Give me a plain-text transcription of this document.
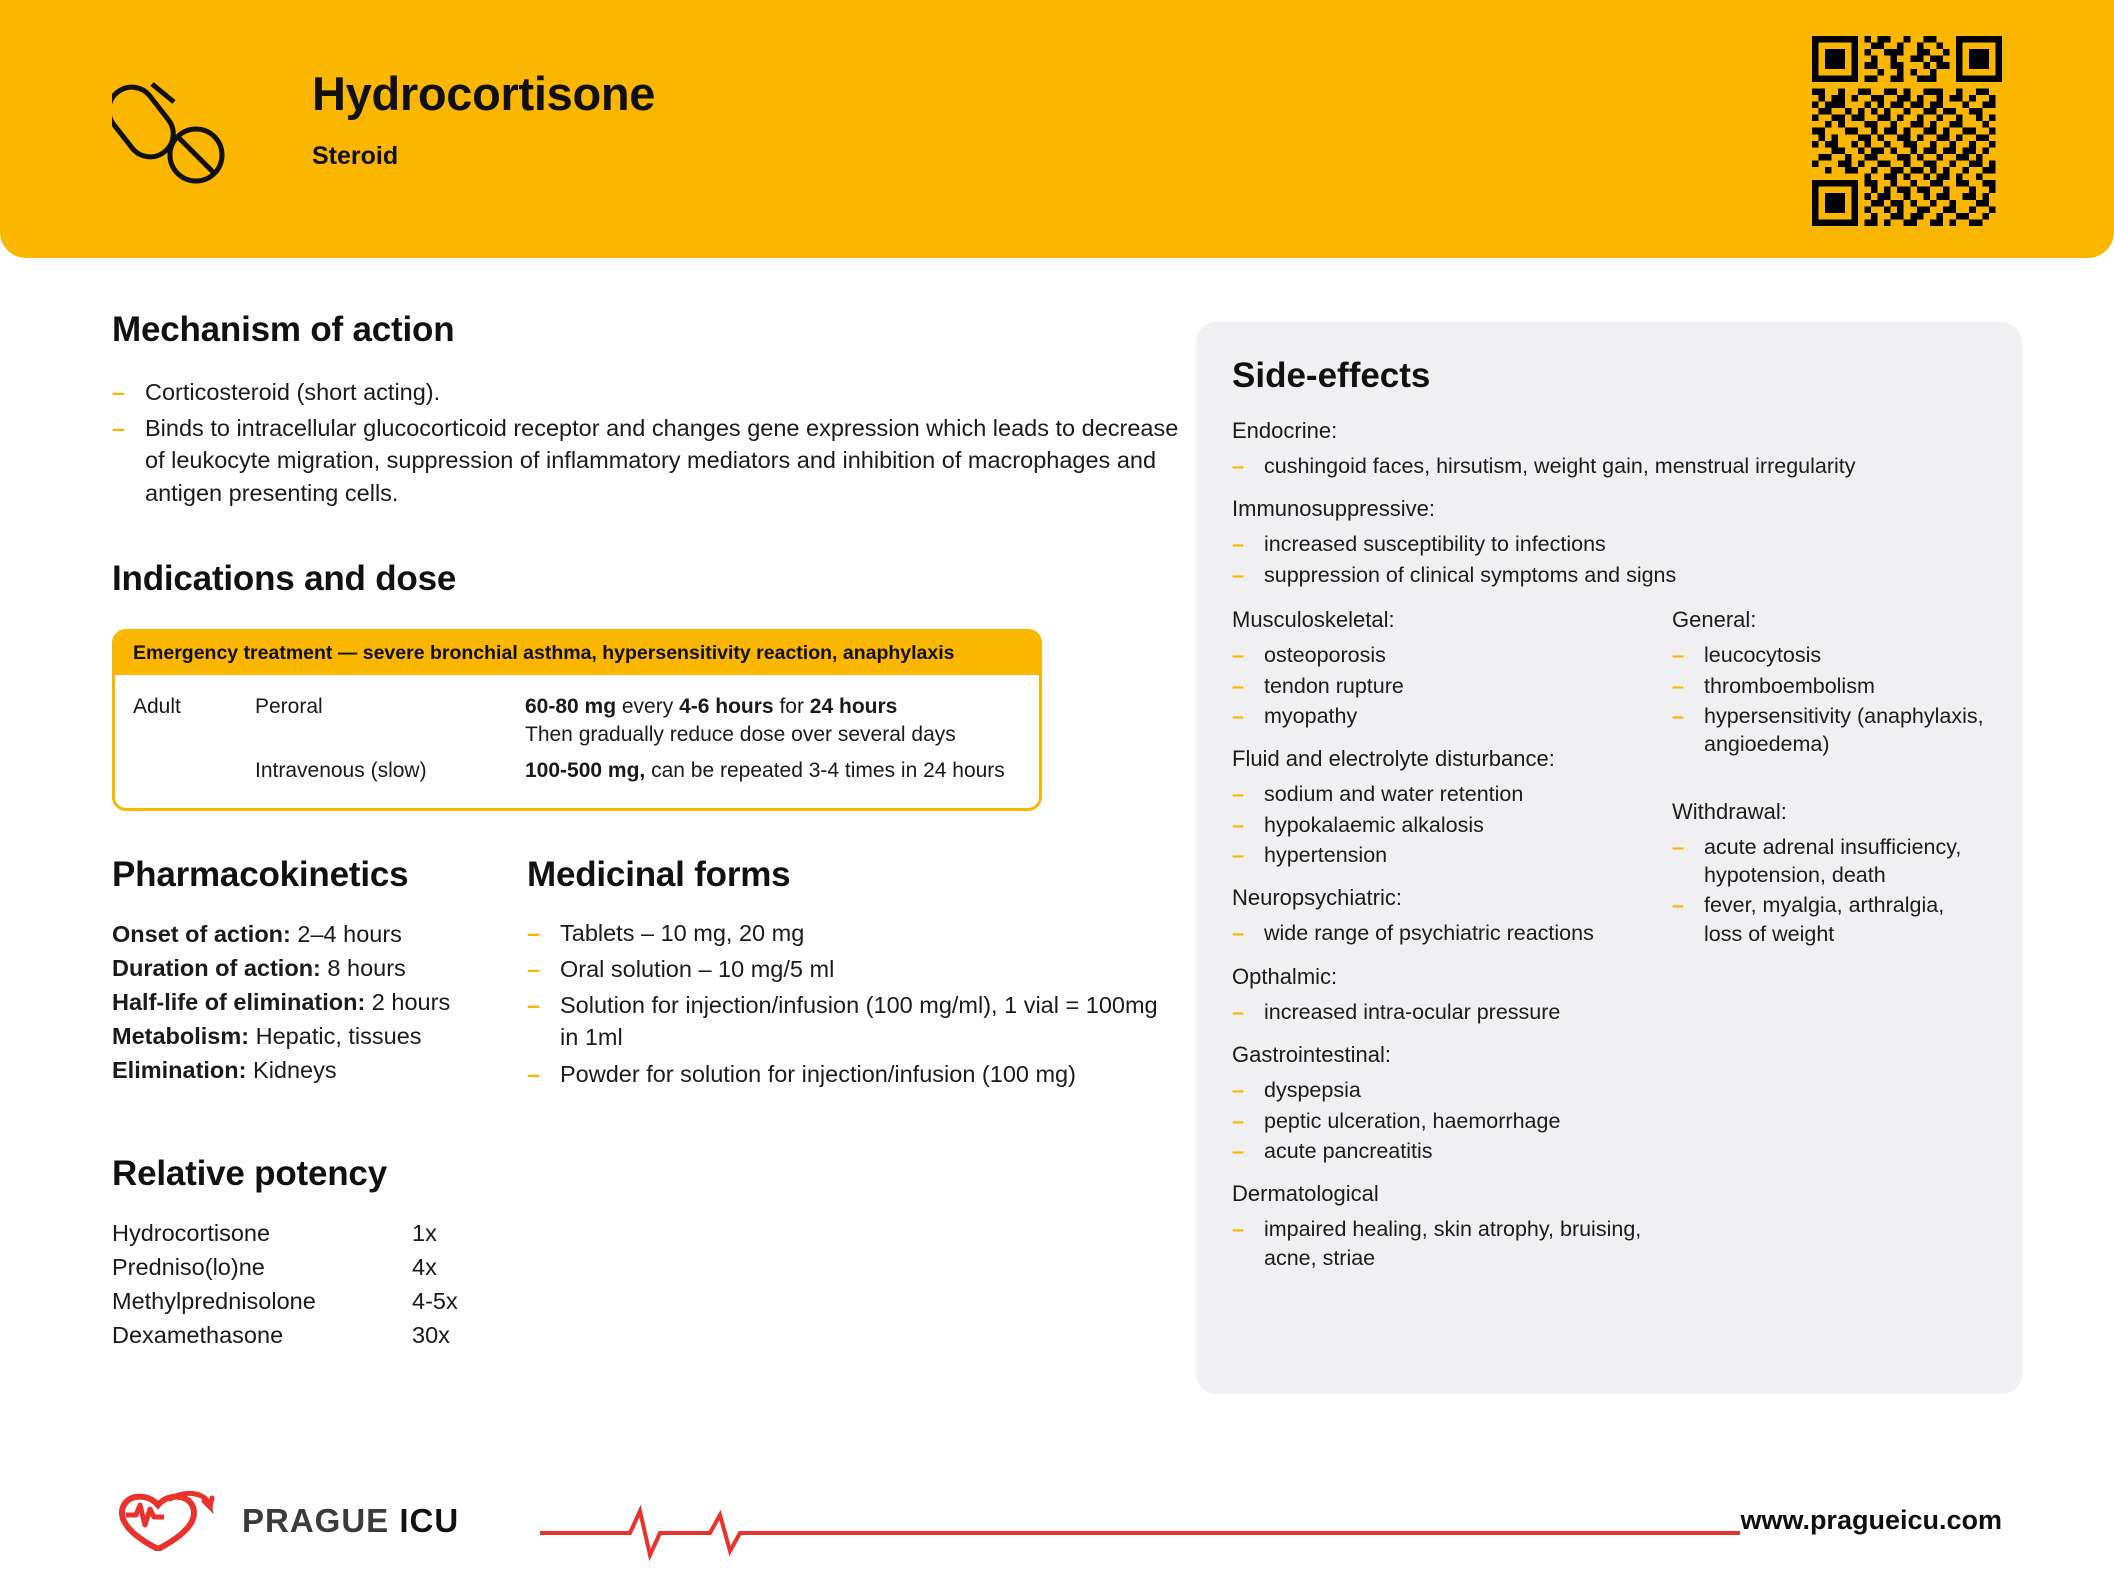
Hydrocortisone
Steroid
Mechanism of action
– Corticosteroid (short acting).
– Binds to intracellular glucocorticoid receptor and changes gene expression which leads to decrease of leukocyte migration, suppression of inflammatory mediators and inhibition of macrophages and antigen presenting cells.
Indications and dose
Emergency treatment — severe bronchial asthma, hypersensitivity reaction, anaphylaxis
Adult	Peroral	60-80 mg every 4-6 hours for 24 hours
Then gradually reduce dose over several days
Intravenous (slow)	100-500 mg, can be repeated 3-4 times in 24 hours
Pharmacokinetics
Onset of action: 2–4 hours
Duration of action: 8 hours
Half-life of elimination: 2 hours
Metabolism: Hepatic, tissues
Elimination: Kidneys
Medicinal forms
– Tablets – 10 mg, 20 mg
– Oral solution – 10 mg/5 ml
– Solution for injection/infusion (100 mg/ml), 1 vial = 100mg in 1ml
– Powder for solution for injection/infusion (100 mg)
Relative potency
Hydrocortisone	1x
Predniso(lo)ne	4x
Methylprednisolone	4-5x
Dexamethasone	30x
Side-effects
Endocrine:
– cushingoid faces, hirsutism, weight gain, menstrual irregularity
Immunosuppressive:
– increased susceptibility to infections
– suppression of clinical symptoms and signs
Musculoskeletal:
– osteoporosis
– tendon rupture
– myopathy
Fluid and electrolyte disturbance:
– sodium and water retention
– hypokalaemic alkalosis
– hypertension
Neuropsychiatric:
– wide range of psychiatric reactions
Opthalmic:
– increased intra-ocular pressure
Gastrointestinal:
– dyspepsia
– peptic ulceration, haemorrhage
– acute pancreatitis
Dermatological
– impaired healing, skin atrophy, bruising, acne, striae
General:
– leucocytosis
– thromboembolism
– hypersensitivity (anaphylaxis, angioedema)
Withdrawal:
– acute adrenal insufficiency, hypotension, death
– fever, myalgia, arthralgia, loss of weight
PRAGUE ICU	www.pragueicu.com
